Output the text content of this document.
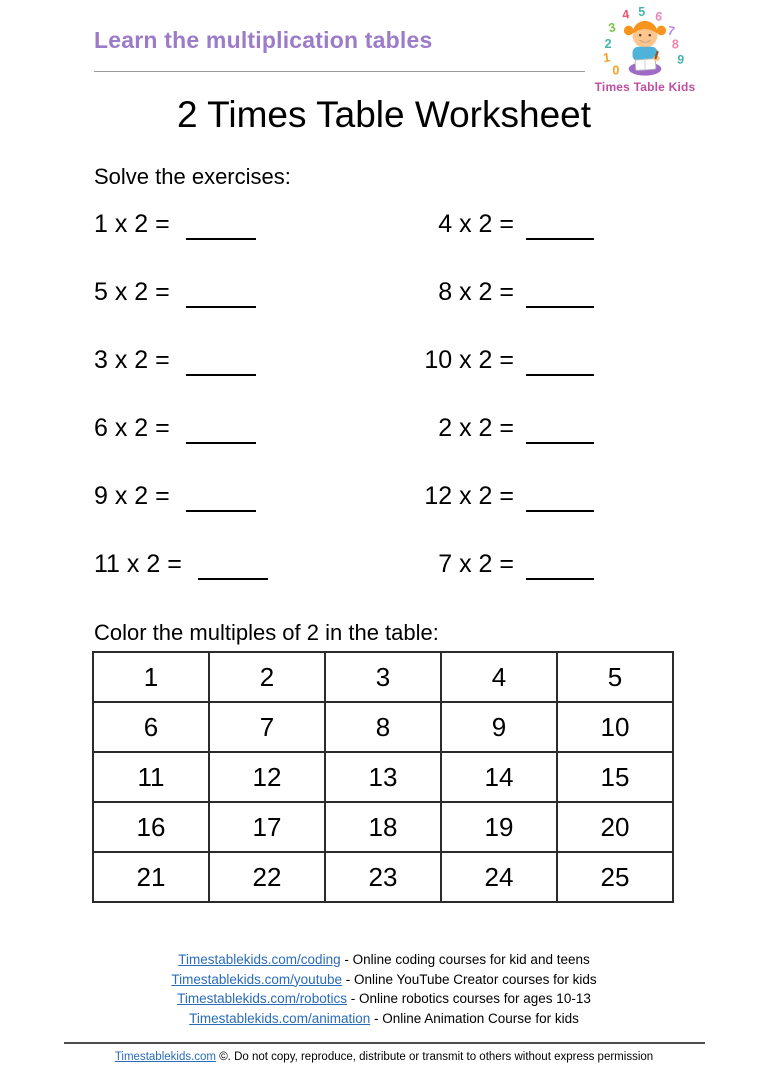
Learn the multiplication tables
4 5 6
3
2
1
0
7
8
9
Times Table Kids
2 Times Table Worksheet
Solve the exercises:
1 x 2 =	4 x 2 =
5 x 2 =	8 x 2 =
3 x 2 =	10 x 2 =
6 x 2 =	2 x 2 =
9 x 2 =	12 x 2 =
11 x 2 =	7 x 2 =
Color the multiples of 2 in the table:
1	2	3	4	5
6	7	8	9	10
11	12	13	14	15
16	17	18	19	20
21	22	23	24	25
Timestablekids.com/coding - Online coding courses for kid and teens
Timestablekids.com/youtube - Online YouTube Creator courses for kids
Timestablekids.com/robotics - Online robotics courses for ages 10-13
Timestablekids.com/animation - Online Animation Course for kids
Timestablekids.com ©. Do not copy, reproduce, distribute or transmit to others without express permission
